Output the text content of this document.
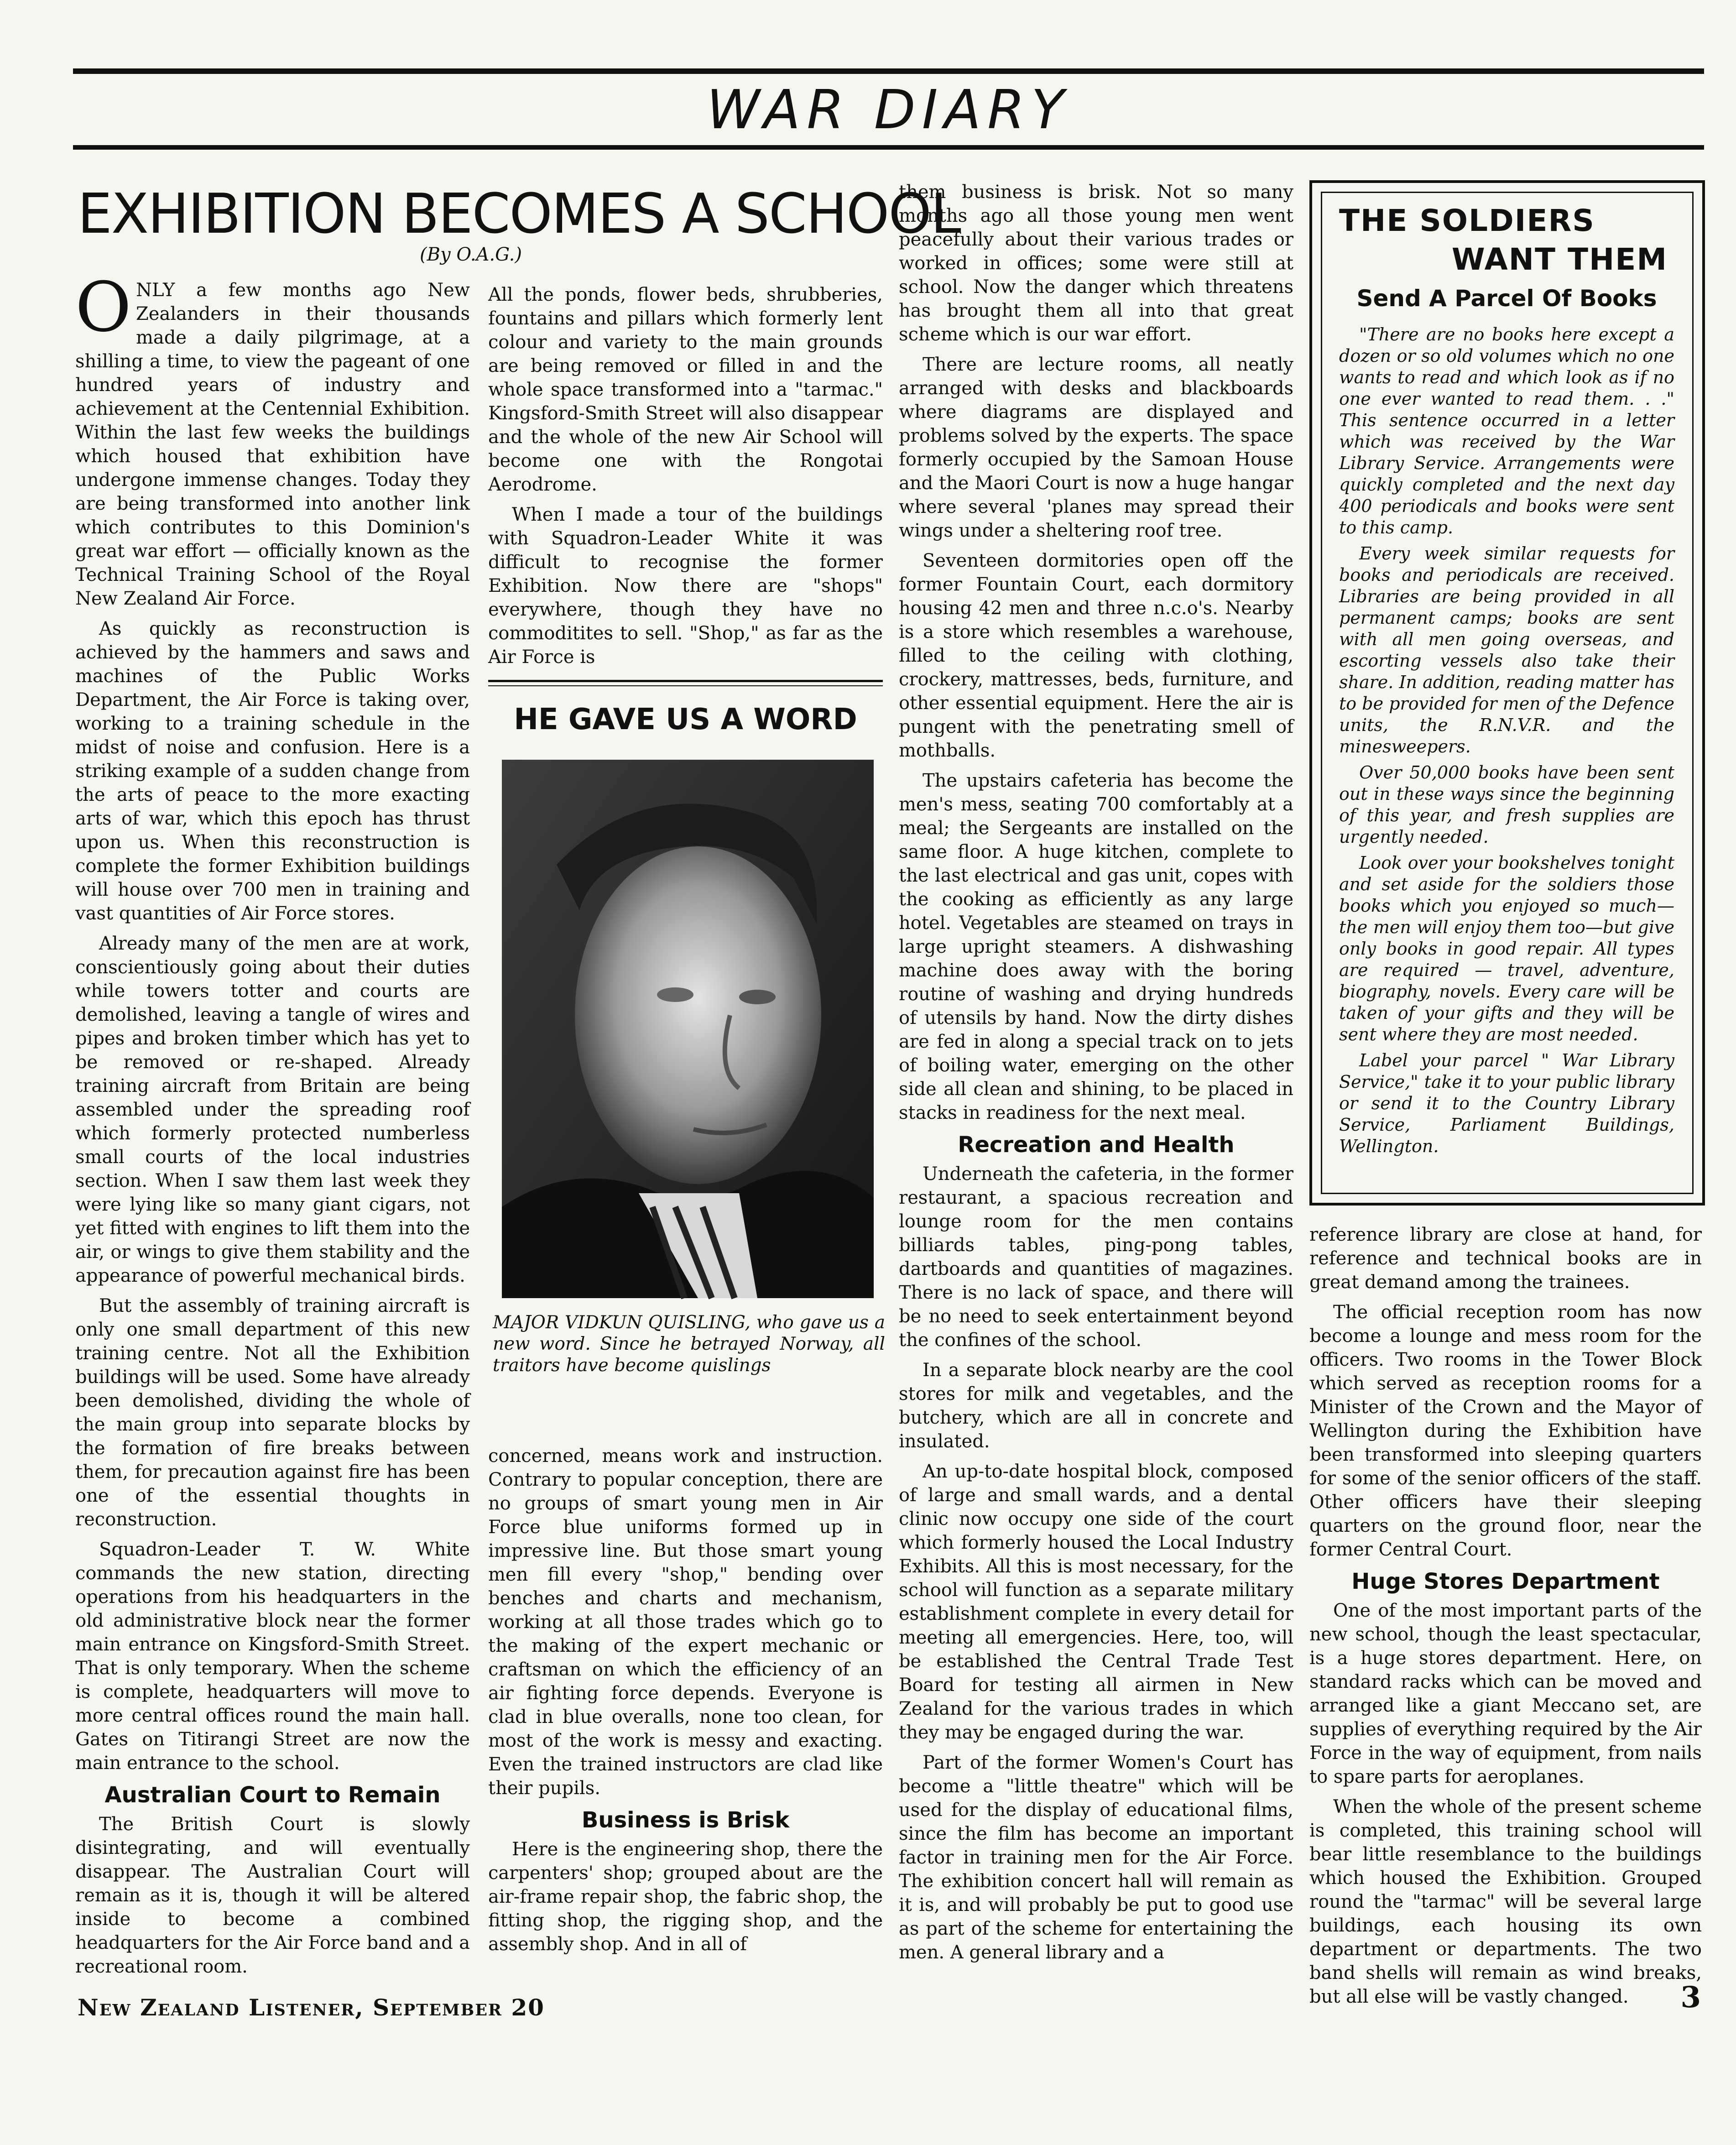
WAR DIARY
EXHIBITION BECOMES A SCHOOL
(By O.A.G.)

ONLY a few months ago New Zealanders in their thousands made a daily pilgrimage, at a shilling a time, to view the pageant of one hundred years of industry and achievement at the Centennial Exhibition. Within the last few weeks the buildings which housed that exhibition have undergone immense changes. Today they are being transformed into another link which contributes to this Dominion's great war effort — officially known as the Technical Training School of the Royal New Zealand Air Force.

As quickly as reconstruction is achieved by the hammers and saws and machines of the Public Works Department, the Air Force is taking over, working to a training schedule in the midst of noise and confusion. Here is a striking example of a sudden change from the arts of peace to the more exacting arts of war, which this epoch has thrust upon us. When this reconstruction is complete the former Exhibition buildings will house over 700 men in training and vast quantities of Air Force stores.

Already many of the men are at work, conscientiously going about their duties while towers totter and courts are demolished, leaving a tangle of wires and pipes and broken timber which has yet to be removed or re-shaped. Already training aircraft from Britain are being assembled under the spreading roof which formerly protected numberless small courts of the local industries section. When I saw them last week they were lying like so many giant cigars, not yet fitted with engines to lift them into the air, or wings to give them stability and the appearance of powerful mechanical birds.

But the assembly of training aircraft is only one small department of this new training centre. Not all the Exhibition buildings will be used. Some have already been demolished, dividing the whole of the main group into separate blocks by the formation of fire breaks between them, for precaution against fire has been one of the essential thoughts in reconstruction.

Squadron-Leader T. W. White commands the new station, directing operations from his headquarters in the old administrative block near the former main entrance on Kingsford-Smith Street. That is only temporary. When the scheme is complete, headquarters will move to more central offices round the main hall. Gates on Titirangi Street are now the main entrance to the school.

Australian Court to Remain

The British Court is slowly disintegrating, and will eventually disappear. The Australian Court will remain as it is, though it will be altered inside to become a combined headquarters for the Air Force band and a recreational room.

All the ponds, flower beds, shrubberies, fountains and pillars which formerly lent colour and variety to the main grounds are being removed or filled in and the whole space transformed into a "tarmac." Kingsford-Smith Street will also disappear and the whole of the new Air School will become one with the Rongotai Aerodrome.

When I made a tour of the buildings with Squadron-Leader White it was difficult to recognise the former Exhibition. Now there are "shops" everywhere, though they have no commoditites to sell. "Shop," as far as the Air Force is

HE GAVE US A WORD
MAJOR VIDKUN QUISLING, who gave us a new word. Since he betrayed Norway, all traitors have become quislings

concerned, means work and instruction. Contrary to popular conception, there are no groups of smart young men in Air Force blue uniforms formed up in impressive line. But those smart young men fill every "shop," bending over benches and charts and mechanism, working at all those trades which go to the making of the expert mechanic or craftsman on which the efficiency of an air fighting force depends. Everyone is clad in blue overalls, none too clean, for most of the work is messy and exacting. Even the trained instructors are clad like their pupils.

Business is Brisk

Here is the engineering shop, there the carpenters' shop; grouped about are the air-frame repair shop, the fabric shop, the fitting shop, the rigging shop, and the assembly shop. And in all of

them business is brisk. Not so many months ago all those young men went peacefully about their various trades or worked in offices; some were still at school. Now the danger which threatens has brought them all into that great scheme which is our war effort.

There are lecture rooms, all neatly arranged with desks and blackboards where diagrams are displayed and problems solved by the experts. The space formerly occupied by the Samoan House and the Maori Court is now a huge hangar where several 'planes may spread their wings under a sheltering roof tree.

Seventeen dormitories open off the former Fountain Court, each dormitory housing 42 men and three n.c.o's. Nearby is a store which resembles a warehouse, filled to the ceiling with clothing, crockery, mattresses, beds, furniture, and other essential equipment. Here the air is pungent with the penetrating smell of mothballs.

The upstairs cafeteria has become the men's mess, seating 700 comfortably at a meal; the Sergeants are installed on the same floor. A huge kitchen, complete to the last electrical and gas unit, copes with the cooking as efficiently as any large hotel. Vegetables are steamed on trays in large upright steamers. A dishwashing machine does away with the boring routine of washing and drying hundreds of utensils by hand. Now the dirty dishes are fed in along a special track on to jets of boiling water, emerging on the other side all clean and shining, to be placed in stacks in readiness for the next meal.

Recreation and Health

Underneath the cafeteria, in the former restaurant, a spacious recreation and lounge room for the men contains billiards tables, ping-pong tables, dartboards and quantities of magazines. There is no lack of space, and there will be no need to seek entertainment beyond the confines of the school.

In a separate block nearby are the cool stores for milk and vegetables, and the butchery, which are all in concrete and insulated.

An up-to-date hospital block, composed of large and small wards, and a dental clinic now occupy one side of the court which formerly housed the Local Industry Exhibits. All this is most necessary, for the school will function as a separate military establishment complete in every detail for meeting all emergencies. Here, too, will be established the Central Trade Test Board for testing all airmen in New Zealand for the various trades in which they may be engaged during the war.

Part of the former Women's Court has become a "little theatre" which will be used for the display of educational films, since the film has become an important factor in training men for the Air Force. The exhibition concert hall will remain as it is, and will probably be put to good use as part of the scheme for entertaining the men. A general library and a

THE SOLDIERS
WANT THEM
Send A Parcel Of Books

"There are no books here except a dozen or so old volumes which no one wants to read and which look as if no one ever wanted to read them. . ." This sentence occurred in a letter which was received by the War Library Service. Arrangements were quickly completed and the next day 400 periodicals and books were sent to this camp.

Every week similar requests for books and periodicals are received. Libraries are being provided in all permanent camps; books are sent with all men going overseas, and escorting vessels also take their share. In addition, reading matter has to be provided for men of the Defence units, the R.N.V.R. and the minesweepers.

Over 50,000 books have been sent out in these ways since the beginning of this year, and fresh supplies are urgently needed.

Look over your bookshelves tonight and set aside for the soldiers those books which you enjoyed so much—the men will enjoy them too—but give only books in good repair. All types are required — travel, adventure, biography, novels. Every care will be taken of your gifts and they will be sent where they are most needed.

Label your parcel " War Library Service," take it to your public library or send it to the Country Library Service, Parliament Buildings, Wellington.

reference library are close at hand, for reference and technical books are in great demand among the trainees.

The official reception room has now become a lounge and mess room for the officers. Two rooms in the Tower Block which served as reception rooms for a Minister of the Crown and the Mayor of Wellington during the Exhibition have been transformed into sleeping quarters for some of the senior officers of the staff. Other officers have their sleeping quarters on the ground floor, near the former Central Court.

Huge Stores Department

One of the most important parts of the new school, though the least spectacular, is a huge stores department. Here, on standard racks which can be moved and arranged like a giant Meccano set, are supplies of everything required by the Air Force in the way of equipment, from nails to spare parts for aeroplanes.

When the whole of the present scheme is completed, this training school will bear little resemblance to the buildings which housed the Exhibition. Grouped round the "tarmac" will be several large buildings, each housing its own department or departments. The two band shells will remain as wind breaks, but all else will be vastly changed.

New Zealand Listener, September 20	3
